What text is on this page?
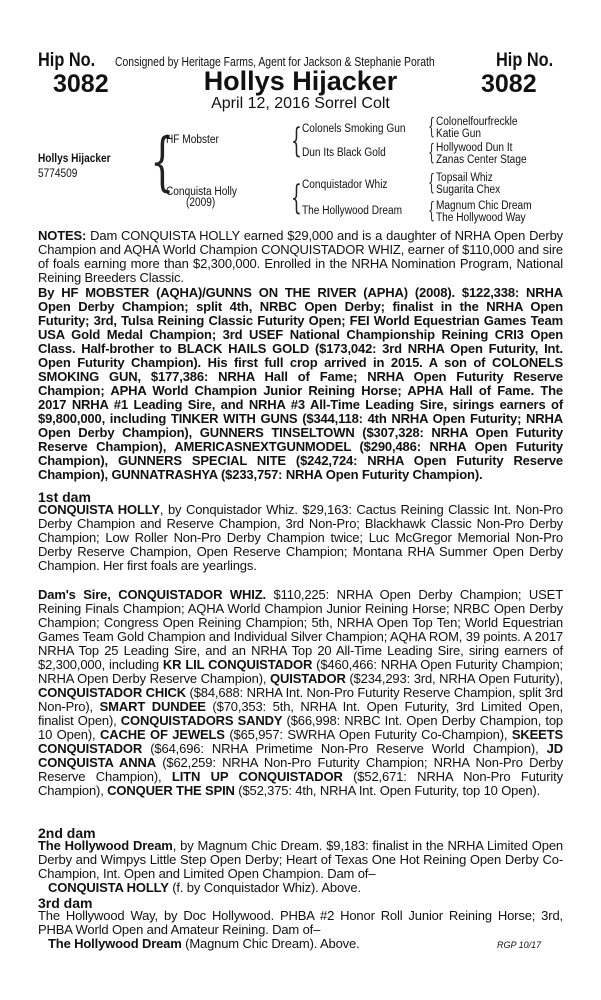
Hip No.
3082
Consigned by Heritage Farms, Agent for Jackson & Stephanie Porath	Hip No.
3082
Hollys Hijacker
April 12, 2016 Sorrel Colt
Hollys Hijacker
5774509 {
HF Mobster
Conquista Holly
(2009)
{
{
Colonels Smoking Gun
Dun Its Black Gold
Conquistador Whiz
The Hollywood Dream
{
{
{
{
Colonelfourfreckle
Katie Gun
Hollywood Dun It
Zanas Center Stage
Topsail Whiz
Sugarita Chex
Magnum Chic Dream
The Hollywood Way
NOTES: Dam CONQUISTA HOLLY earned $29,000 and is a daughter of NRHA Open Derby Champion and AQHA World Champion CONQUISTADOR WHIZ, earner of $110,000 and sire of foals earning more than $2,300,000. Enrolled in the NRHA Nomination Program, National Reining Breeders Classic.
By HF MOBSTER (AQHA)/GUNNS ON THE RIVER (APHA) (2008). $122,338: NRHA Open Derby Champion; split 4th, NRBC Open Derby; finalist in the NRHA Open Futurity; 3rd, Tulsa Reining Classic Futurity Open; FEI World Equestrian Games Team USA Gold Medal Champion; 3rd USEF National Championship Reining CRI3 Open Class. Half-brother to BLACK HAILS GOLD ($173,042: 3rd NRHA Open Futurity, Int. Open Futurity Champion). His first full crop arrived in 2015. A son of COLONELS SMOKING GUN, $177,386: NRHA Hall of Fame; NRHA Open Futurity Reserve Champion; APHA World Champion Junior Reining Horse; APHA Hall of Fame. The 2017 NRHA #1 Leading Sire, and NRHA #3 All-Time Leading Sire, sirings earners of $9,800,000, including TINKER WITH GUNS ($344,118: 4th NRHA Open Futurity; NRHA Open Derby Champion), GUNNERS TINSELTOWN ($307,328: NRHA Open Futurity Reserve Champion), AMERICASNEXTGUNMODEL ($290,486: NRHA Open Futurity Champion), GUNNERS SPECIAL NITE ($242,724: NRHA Open Futurity Reserve Champion), GUNNATRASHYA ($233,757: NRHA Open Futurity Champion).
1st dam
CONQUISTA HOLLY, by Conquistador Whiz. $29,163: Cactus Reining Classic Int. Non-Pro Derby Champion and Reserve Champion, 3rd Non-Pro; Blackhawk Classic Non-Pro Derby Champion; Low Roller Non-Pro Derby Champion twice; Luc McGregor Memorial Non-Pro Derby Reserve Champion, Open Reserve Champion; Montana RHA Summer Open Derby Champion. Her first foals are yearlings.
Dam's Sire, CONQUISTADOR WHIZ. $110,225: NRHA Open Derby Champion; USET Reining Finals Champion; AQHA World Champion Junior Reining Horse; NRBC Open Derby Champion; Congress Open Reining Champion; 5th, NRHA Open Top Ten; World Equestrian Games Team Gold Champion and Individual Silver Champion; AQHA ROM, 39 points. A 2017 NRHA Top 25 Leading Sire, and an NRHA Top 20 All-Time Leading Sire, siring earners of $2,300,000, including KR LIL CONQUISTADOR ($460,466: NRHA Open Futurity Champion; NRHA Open Derby Reserve Champion), QUISTADOR ($234,293: 3rd, NRHA Open Futurity), CONQUISTADOR CHICK ($84,688: NRHA Int. Non-Pro Futurity Reserve Champion, split 3rd Non-Pro), SMART DUNDEE ($70,353: 5th, NRHA Int. Open Futurity, 3rd Limited Open, finalist Open), CONQUISTADORS SANDY ($66,998: NRBC Int. Open Derby Champion, top 10 Open), CACHE OF JEWELS ($65,957: SWRHA Open Futurity Co-Champion), SKEETS CONQUISTADOR ($64,696: NRHA Primetime Non-Pro Reserve World Champion), JD CONQUISTA ANNA ($62,259: NRHA Non-Pro Futurity Champion; NRHA Non-Pro Derby Reserve Champion), LITN UP CONQUISTADOR ($52,671: NRHA Non-Pro Futurity Champion), CONQUER THE SPIN ($52,375: 4th, NRHA Int. Open Futurity, top 10 Open).
2nd dam
The Hollywood Dream, by Magnum Chic Dream. $9,183: finalist in the NRHA Limited Open Derby and Wimpys Little Step Open Derby; Heart of Texas One Hot Reining Open Derby Co-Champion, Int. Open and Limited Open Champion. Dam of–
CONQUISTA HOLLY (f. by Conquistador Whiz). Above.
3rd dam
The Hollywood Way, by Doc Hollywood. PHBA #2 Honor Roll Junior Reining Horse; 3rd, PHBA World Open and Amateur Reining. Dam of–
The Hollywood Dream (Magnum Chic Dream). Above.	RGP 10/17
